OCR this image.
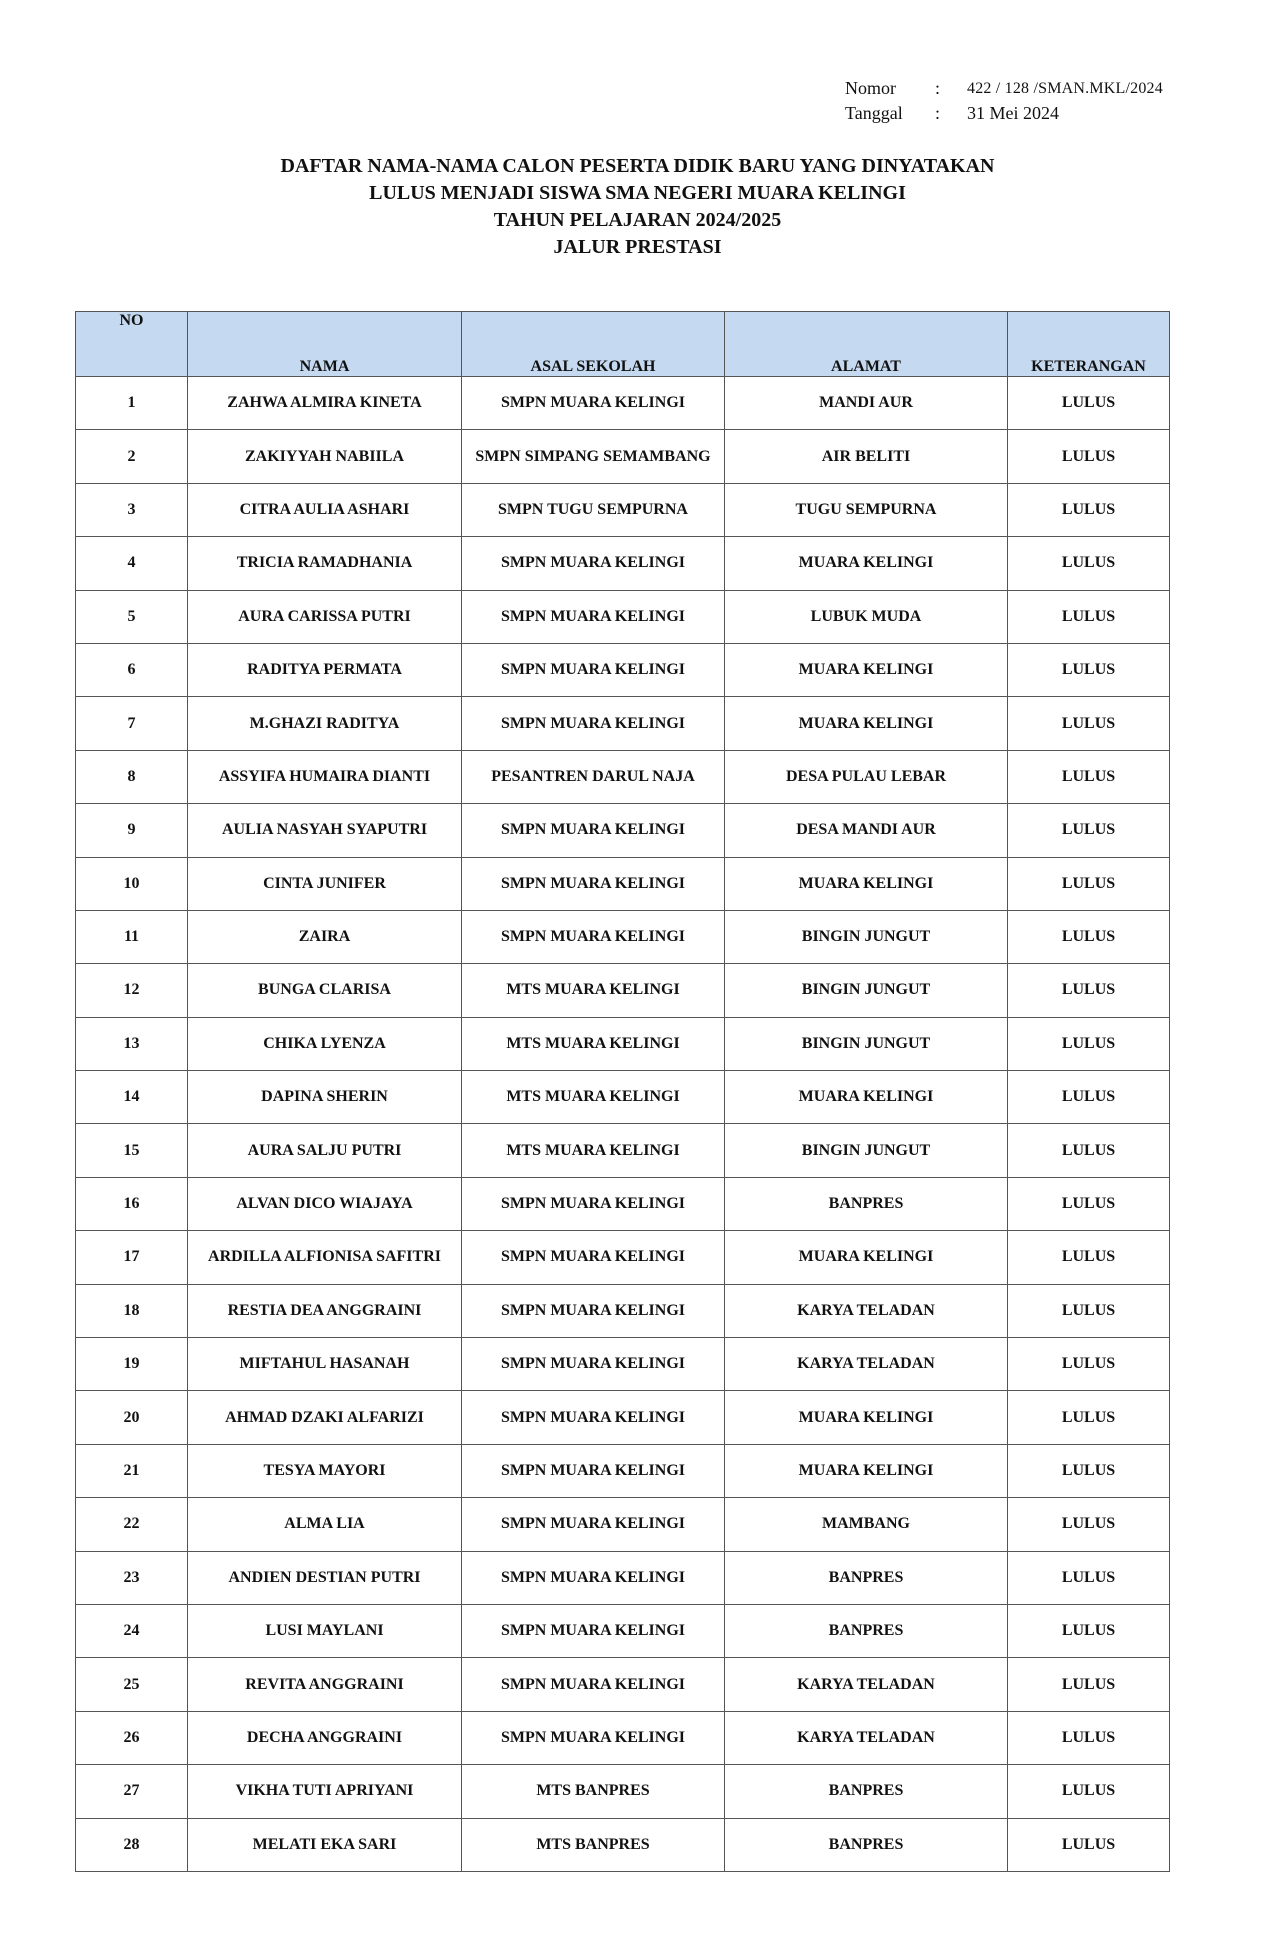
Nomor	:	422 / 128 /SMAN.MKL/2024
Tanggal	:	31 Mei 2024
DAFTAR NAMA-NAMA CALON PESERTA DIDIK BARU YANG DINYATAKAN
LULUS MENJADI SISWA SMA NEGERI MUARA KELINGI
TAHUN PELAJARAN 2024/2025
JALUR PRESTASI
NO	NAMA	ASAL SEKOLAH	ALAMAT	KETERANGAN
1	ZAHWA ALMIRA KINETA	SMPN MUARA KELINGI	MANDI AUR	LULUS
2	ZAKIYYAH NABIILA	SMPN SIMPANG SEMAMBANG	AIR BELITI	LULUS
3	CITRA AULIA ASHARI	SMPN TUGU SEMPURNA	TUGU SEMPURNA	LULUS
4	TRICIA RAMADHANIA	SMPN MUARA KELINGI	MUARA KELINGI	LULUS
5	AURA CARISSA PUTRI	SMPN MUARA KELINGI	LUBUK MUDA	LULUS
6	RADITYA PERMATA	SMPN MUARA KELINGI	MUARA KELINGI	LULUS
7	M.GHAZI RADITYA	SMPN MUARA KELINGI	MUARA KELINGI	LULUS
8	ASSYIFA HUMAIRA DIANTI	PESANTREN DARUL NAJA	DESA PULAU LEBAR	LULUS
9	AULIA NASYAH SYAPUTRI	SMPN MUARA KELINGI	DESA MANDI AUR	LULUS
10	CINTA JUNIFER	SMPN MUARA KELINGI	MUARA KELINGI	LULUS
11	ZAIRA	SMPN MUARA KELINGI	BINGIN JUNGUT	LULUS
12	BUNGA CLARISA	MTS MUARA KELINGI	BINGIN JUNGUT	LULUS
13	CHIKA LYENZA	MTS MUARA KELINGI	BINGIN JUNGUT	LULUS
14	DAPINA SHERIN	MTS MUARA KELINGI	MUARA KELINGI	LULUS
15	AURA SALJU PUTRI	MTS MUARA KELINGI	BINGIN JUNGUT	LULUS
16	ALVAN DICO WIAJAYA	SMPN MUARA KELINGI	BANPRES	LULUS
17	ARDILLA ALFIONISA SAFITRI	SMPN MUARA KELINGI	MUARA KELINGI	LULUS
18	RESTIA DEA ANGGRAINI	SMPN MUARA KELINGI	KARYA TELADAN	LULUS
19	MIFTAHUL HASANAH	SMPN MUARA KELINGI	KARYA TELADAN	LULUS
20	AHMAD DZAKI ALFARIZI	SMPN MUARA KELINGI	MUARA KELINGI	LULUS
21	TESYA MAYORI	SMPN MUARA KELINGI	MUARA KELINGI	LULUS
22	ALMA LIA	SMPN MUARA KELINGI	MAMBANG	LULUS
23	ANDIEN DESTIAN PUTRI	SMPN MUARA KELINGI	BANPRES	LULUS
24	LUSI MAYLANI	SMPN MUARA KELINGI	BANPRES	LULUS
25	REVITA ANGGRAINI	SMPN MUARA KELINGI	KARYA TELADAN	LULUS
26	DECHA ANGGRAINI	SMPN MUARA KELINGI	KARYA TELADAN	LULUS
27	VIKHA TUTI APRIYANI	MTS BANPRES	BANPRES	LULUS
28	MELATI EKA SARI	MTS BANPRES	BANPRES	LULUS
